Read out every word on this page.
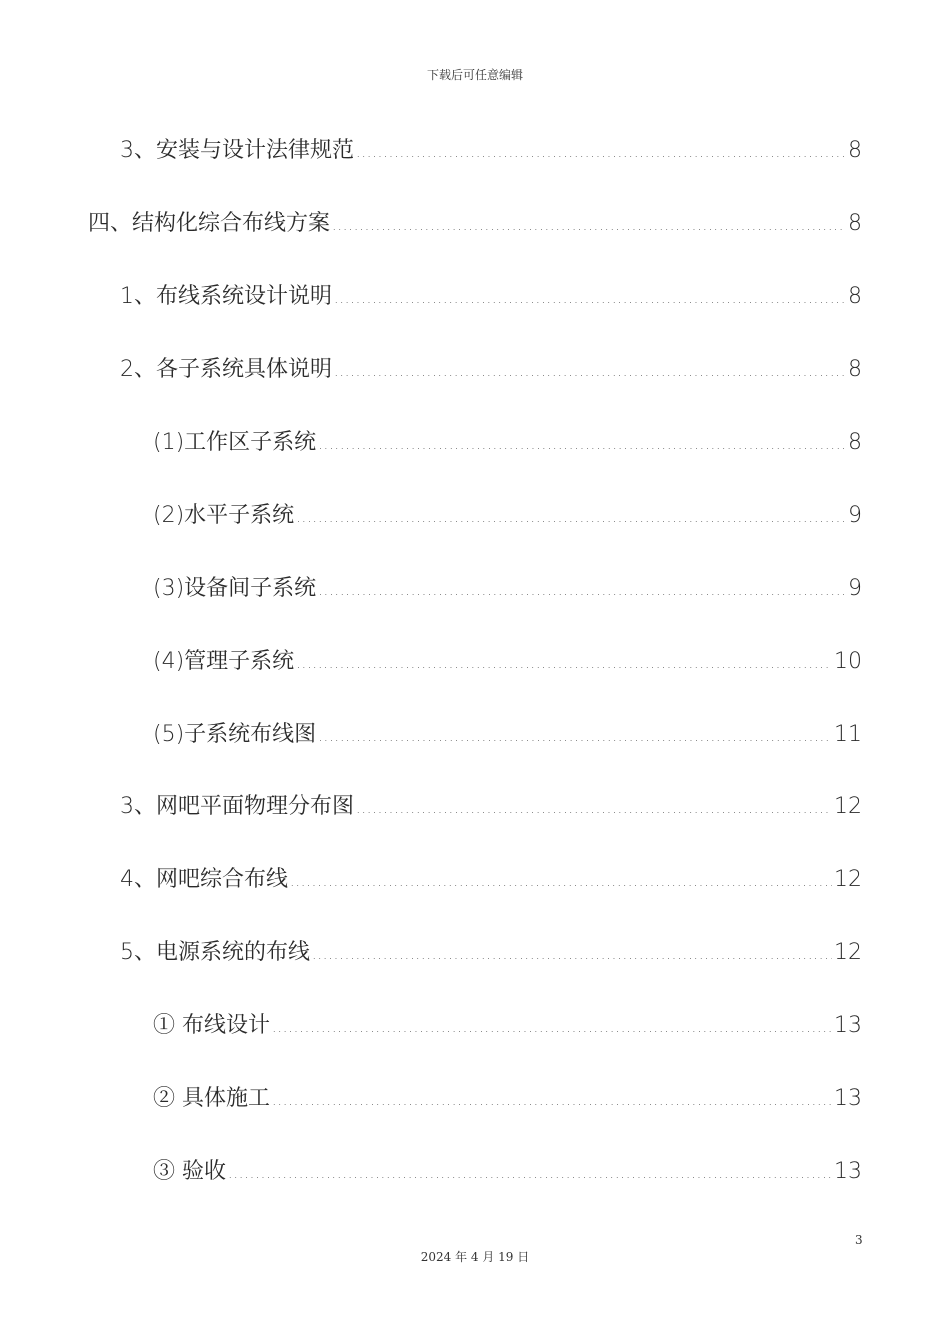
下载后可任意编辑
3、安装与设计法律规范 .....	8
四、结构化综合布线方案 .....	8
1、布线系统设计说明 .....	8
2、各子系统具体说明 .....	8
(1)工作区子系统 .....	8
(2)水平子系统 .....	9
(3)设备间子系统 .....	9
(4)管理子系统 .....	10
(5)子系统布线图 .....	11
3、网吧平面物理分布图 .....	12
4、网吧综合布线 .....	12
5、电源系统的布线 .....	12
① 布线设计 .....	13
② 具体施工 .....	13
③ 验收 .....	13
3
2024 年 4 月 19 日
